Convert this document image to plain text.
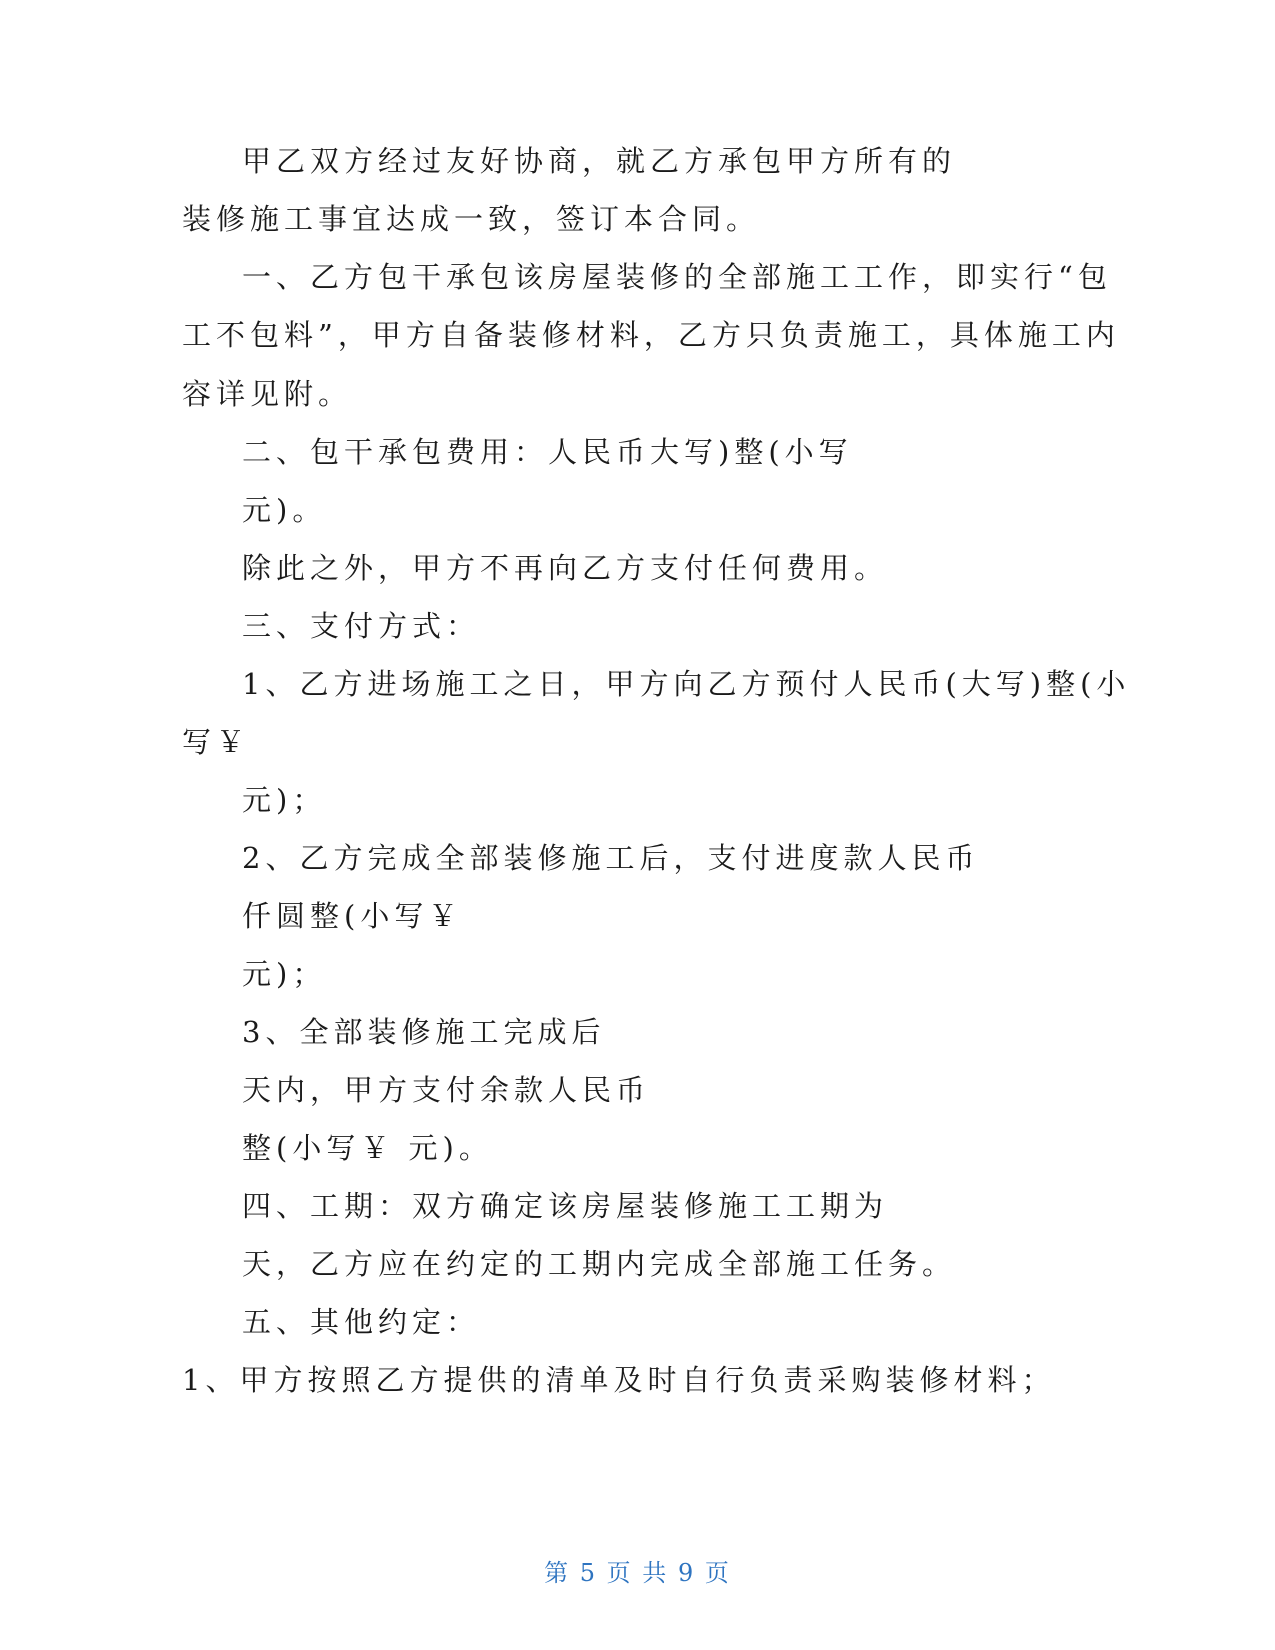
甲乙双方经过友好协商，就乙方承包甲方所有的
装修施工事宜达成一致，签订本合同。
一、乙方包干承包该房屋装修的全部施工工作，即实行“包
工不包料”，甲方自备装修材料，乙方只负责施工，具体施工内
容详见附。
二、包干承包费用：人民币大写)整(小写
元)。
除此之外，甲方不再向乙方支付任何费用。
三、支付方式：
1、乙方进场施工之日，甲方向乙方预付人民币(大写)整(小
写￥
元)；
2、乙方完成全部装修施工后，支付进度款人民币
仟圆整(小写￥
元)；
3、全部装修施工完成后
天内，甲方支付余款人民币
整(小写￥ 元)。
四、工期：双方确定该房屋装修施工工期为
天，乙方应在约定的工期内完成全部施工任务。
五、其他约定：
1、甲方按照乙方提供的清单及时自行负责采购装修材料；
第 5 页 共 9 页
